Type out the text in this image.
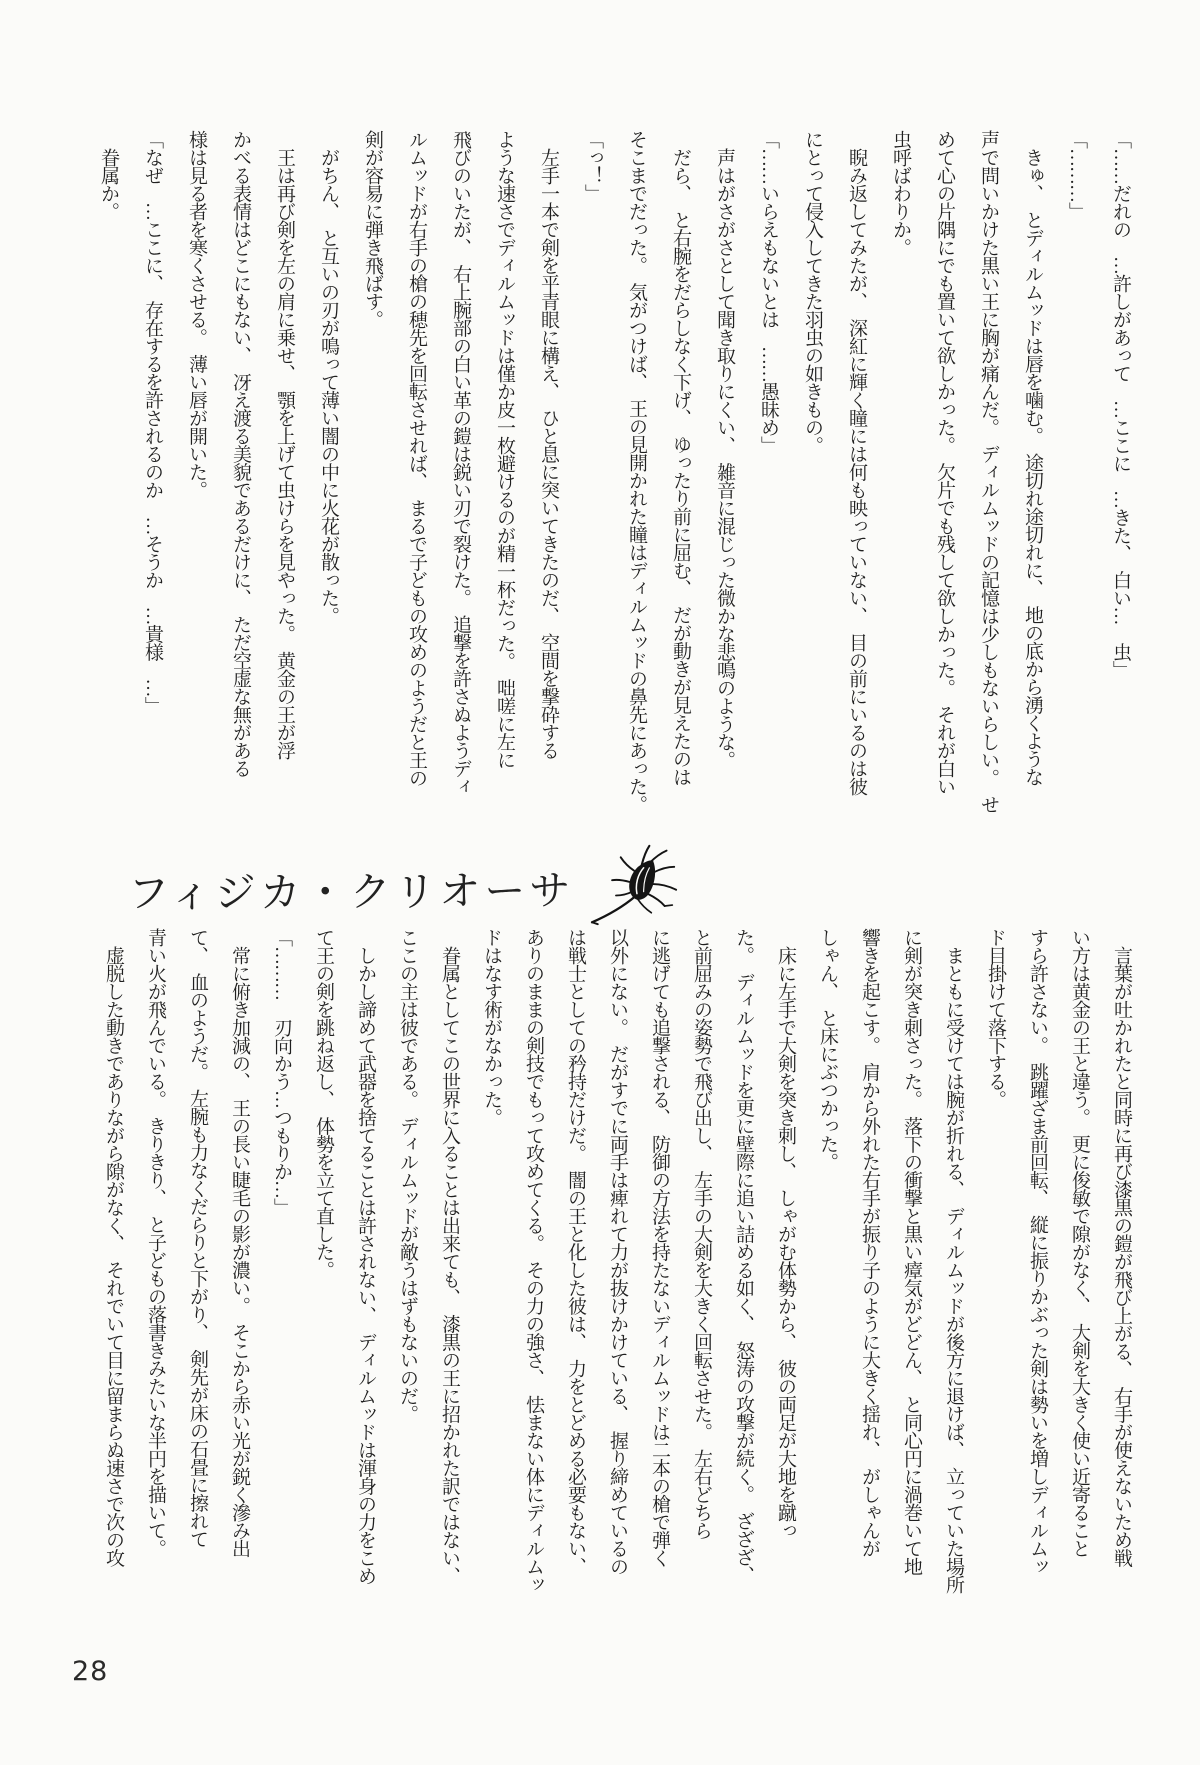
「……だれの　…許しがあって　…ここに　…きた、　白い…　虫」

「………」

　きゅ、　とディルムッドは唇を噛む。　途切れ途切れに、　地の底から湧くような

声で問いかけた黒い王に胸が痛んだ。　ディルムッドの記憶は少しもないらしい。　せ

めて心の片隅にでも置いて欲しかった。　欠片でも残して欲しかった。　それが白い

虫呼ばわりか。

　睨み返してみたが、　深紅に輝く瞳には何も映っていない、　目の前にいるのは彼

にとって侵入してきた羽虫の如きもの。

「……いらえもないとは　……愚昧め」

　声はがさがさとして聞き取りにくい、　雑音に混じった微かな悲鳴のような。

　だら、　と右腕をだらしなく下げ、　ゆったり前に屈む、　だが動きが見えたのは

そこまでだった。　気がつけば、　王の見開かれた瞳はディルムッドの鼻先にあった。

「っ！」

　左手一本で剣を平青眼に構え、　ひと息に突いてきたのだ、　空間を撃砕する

ような速さでディルムッドは僅か皮一枚避けるのが精一杯だった。　咄嗟に左に

飛びのいたが、　右上腕部の白い革の鎧は鋭い刃で裂けた。　追撃を許さぬようディ

ルムッドが右手の槍の穂先を回転させれば、　まるで子どもの攻めのようだと王の

剣が容易に弾き飛ばす。

　がちん、　と互いの刃が鳴って薄い闇の中に火花が散った。

　王は再び剣を左の肩に乗せ、　顎を上げて虫けらを見やった。　黄金の王が浮

かべる表情はどこにもない、　冴え渡る美貌であるだけに、　ただ空虚な無がある

様は見る者を寒くさせる。　薄い唇が開いた。

「なぜ　…ここに、　存在するを許されるのか　…そうか　…貴様　…」

　眷属か。

フィジカ・クリオーサ

　言葉が吐かれたと同時に再び漆黒の鎧が飛び上がる、　右手が使えないため戦

い方は黄金の王と違う。　更に俊敏で隙がなく、　大剣を大きく使い近寄ること

すら許さない。　跳躍ざま前回転、　縦に振りかぶった剣は勢いを増しディルムッ

ド目掛けて落下する。

　まともに受けては腕が折れる、　ディルムッドが後方に退けば、　立っていた場所

に剣が突き刺さった。　落下の衝撃と黒い瘴気がどどん、　と同心円に渦巻いて地

響きを起こす。　肩から外れた右手が振り子のように大きく揺れ、　がしゃんが

しゃん、　と床にぶつかった。

　床に左手で大剣を突き刺し、　しゃがむ体勢から、　彼の両足が大地を蹴っ

た。　ディルムッドを更に壁際に追い詰める如く、　怒涛の攻撃が続く。　ざざざ、

と前屈みの姿勢で飛び出し、　左手の大剣を大きく回転させた。　左右どちら

に逃げても追撃される、　防御の方法を持たないディルムッドは二本の槍で弾く

以外にない。　だがすでに両手は痺れて力が抜けかけている、　握り締めているの

は戦士としての矜持だけだ。　闇の王と化した彼は、　力をとどめる必要もない、

ありのままの剣技でもって攻めてくる。　その力の強さ、　怯まない体にディルムッ

ドはなす術がなかった。

　眷属としてこの世界に入ることは出来ても、　漆黒の王に招かれた訳ではない、

ここの主は彼である。　ディルムッドが敵うはずもないのだ。

　しかし諦めて武器を捨てることは許されない、　ディルムッドは渾身の力をこめ

て王の剣を跳ね返し、　体勢を立て直した。

「………　刃向かう…つもりか…」

　常に俯き加減の、　王の長い睫毛の影が濃い。　そこから赤い光が鋭く滲み出

て、　血のようだ。　左腕も力なくだらりと下がり、　剣先が床の石畳に擦れて

青い火が飛んでいる。　きりきり、　と子どもの落書きみたいな半円を描いて。

　虚脱した動きでありながら隙がなく、　それでいて目に留まらぬ速さで次の攻

28
